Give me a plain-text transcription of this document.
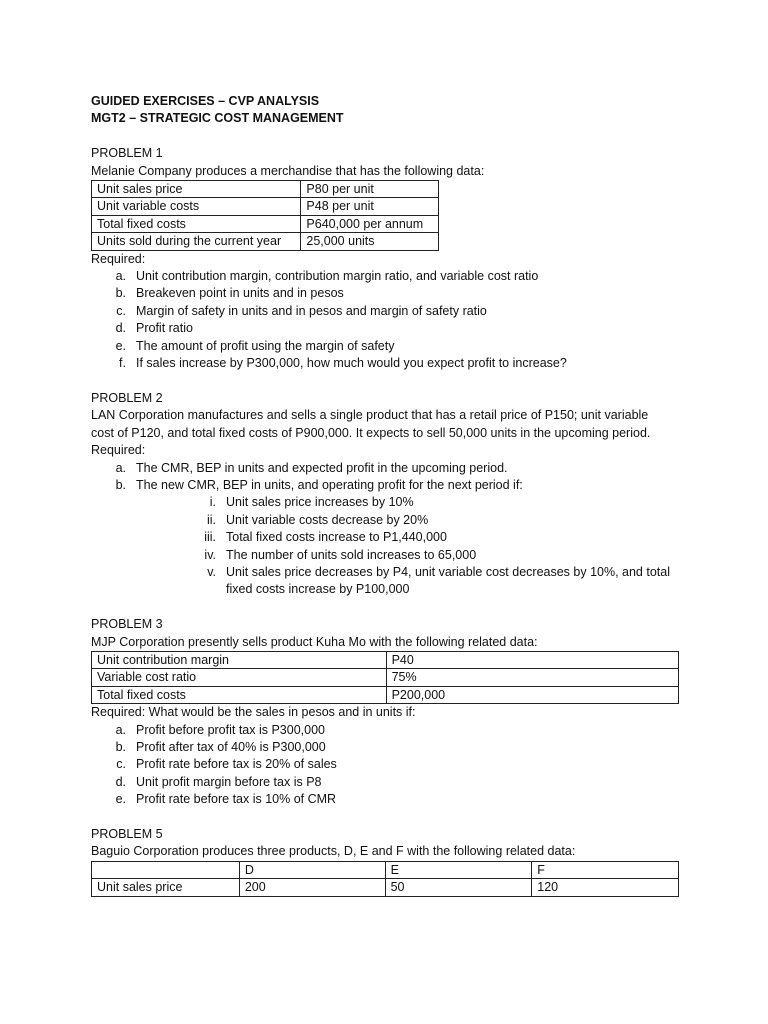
GUIDED EXERCISES – CVP ANALYSIS

MGT2 – STRATEGIC COST MANAGEMENT

PROBLEM 1

Melanie Company produces a merchandise that has the following data:

Unit sales price	P80 per unit
Unit variable costs	P48 per unit
Total fixed costs	P640,000 per annum
Units sold during the current year	25,000 units

Required:

a. Unit contribution margin, contribution margin ratio, and variable cost ratio
b. Breakeven point in units and in pesos
c. Margin of safety in units and in pesos and margin of safety ratio
d. Profit ratio
e. The amount of profit using the margin of safety
f. If sales increase by P300,000, how much would you expect profit to increase?

PROBLEM 2

LAN Corporation manufactures and sells a single product that has a retail price of P150; unit variable cost of P120, and total fixed costs of P900,000. It expects to sell 50,000 units in the upcoming period.

Required:

a. The CMR, BEP in units and expected profit in the upcoming period.
b. The new CMR, BEP in units, and operating profit for the next period if:
i. Unit sales price increases by 10%
ii. Unit variable costs decrease by 20%
iii. Total fixed costs increase to P1,440,000
iv. The number of units sold increases to 65,000
v. Unit sales price decreases by P4, unit variable cost decreases by 10%, and total fixed costs increase by P100,000

PROBLEM 3

MJP Corporation presently sells product Kuha Mo with the following related data:

Unit contribution margin	P40
Variable cost ratio	75%
Total fixed costs	P200,000

Required: What would be the sales in pesos and in units if:

a. Profit before profit tax is P300,000
b. Profit after tax of 40% is P300,000
c. Profit rate before tax is 20% of sales
d. Unit profit margin before tax is P8
e. Profit rate before tax is 10% of CMR

PROBLEM 5

Baguio Corporation produces three products, D, E and F with the following related data:

	D	E	F
Unit sales price	200	50	120
